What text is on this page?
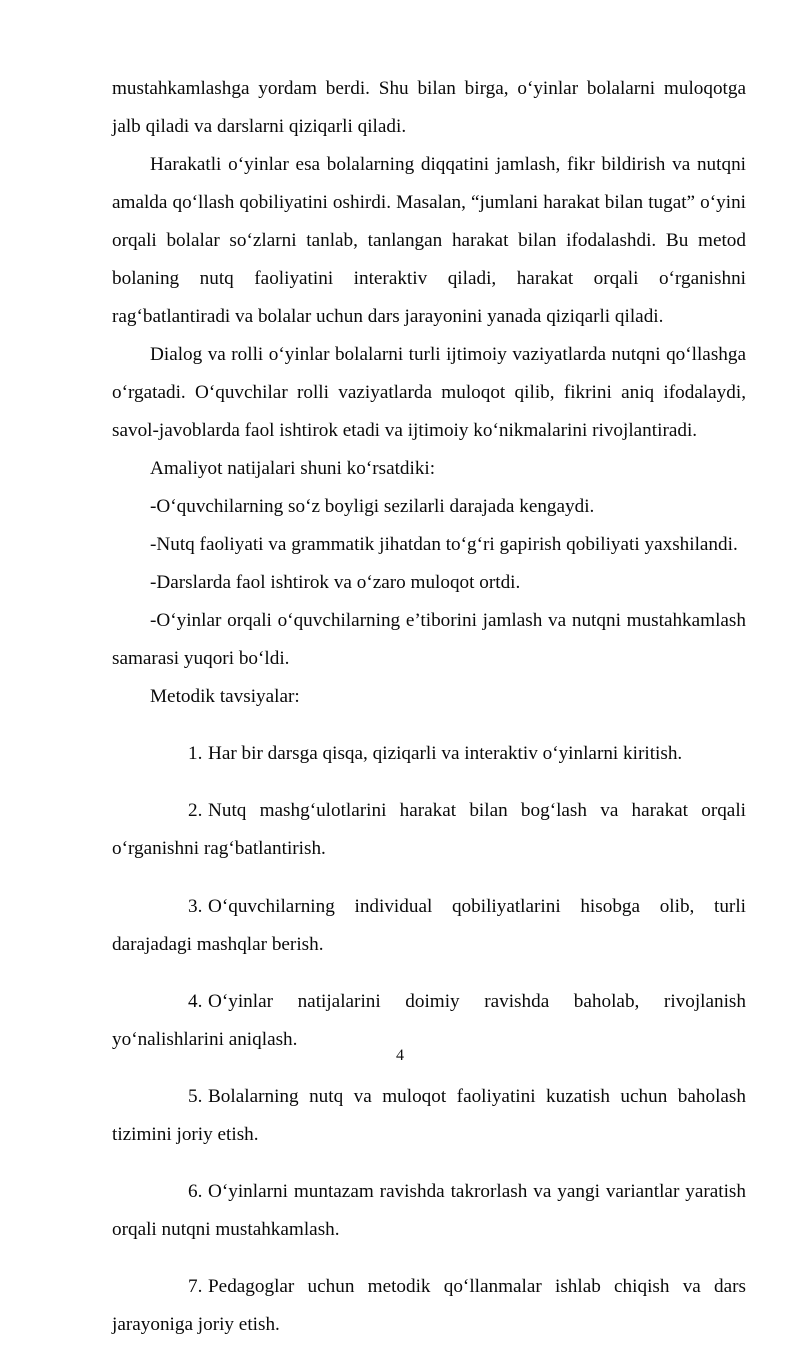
mustahkamlashga yordam berdi. Shu bilan birga, o‘yinlar bolalarni muloqotga jalb qiladi va darslarni qiziqarli qiladi.

Harakatli o‘yinlar esa bolalarning diqqatini jamlash, fikr bildirish va nutqni amalda qo‘llash qobiliyatini oshirdi. Masalan, “jumlani harakat bilan tugat” o‘yini orqali bolalar so‘zlarni tanlab, tanlangan harakat bilan ifodalashdi. Bu metod bolaning nutq faoliyatini interaktiv qiladi, harakat orqali o‘rganishni rag‘batlantiradi va bolalar uchun dars jarayonini yanada qiziqarli qiladi.

Dialog va rolli o‘yinlar bolalarni turli ijtimoiy vaziyatlarda nutqni qo‘llashga o‘rgatadi. O‘quvchilar rolli vaziyatlarda muloqot qilib, fikrini aniq ifodalaydi, savol-javoblarda faol ishtirok etadi va ijtimoiy ko‘nikmalarini rivojlantiradi.

Amaliyot natijalari shuni ko‘rsatdiki:

-O‘quvchilarning so‘z boyligi sezilarli darajada kengaydi.

-Nutq faoliyati va grammatik jihatdan to‘g‘ri gapirish qobiliyati yaxshilandi.

-Darslarda faol ishtirok va o‘zaro muloqot ortdi.

-O‘yinlar orqali o‘quvchilarning e’tiborini jamlash va nutqni mustahkamlash samarasi yuqori bo‘ldi.

Metodik tavsiyalar:

1. Har bir darsga qisqa, qiziqarli va interaktiv o‘yinlarni kiritish.

2. Nutq mashg‘ulotlarini harakat bilan bog‘lash va harakat orqali o‘rganishni rag‘batlantirish.

3. O‘quvchilarning individual qobiliyatlarini hisobga olib, turli darajadagi mashqlar berish.

4. O‘yinlar natijalarini doimiy ravishda baholab, rivojlanish yo‘nalishlarini aniqlash.

5. Bolalarning nutq va muloqot faoliyatini kuzatish uchun baholash tizimini joriy etish.

6. O‘yinlarni muntazam ravishda takrorlash va yangi variantlar yaratish orqali nutqni mustahkamlash.

7. Pedagoglar uchun metodik qo‘llanmalar ishlab chiqish va dars jarayoniga joriy etish.

4
